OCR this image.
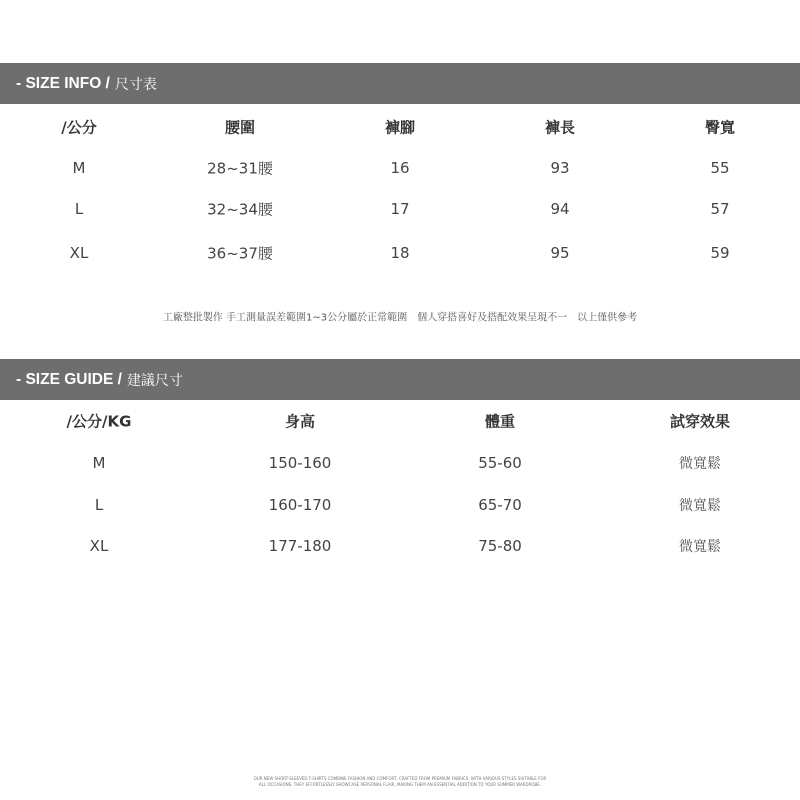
- SIZE INFO / 尺寸表
/公分	腰圍	褲腳	褲長	臀寬
M	28~31腰	16	93	55
L	32~34腰	17	94	57
XL	36~37腰	18	95	59
工廠整批製作 手工測量誤差範圍1~3公分屬於正常範圍　個人穿搭喜好及搭配效果呈現不一　以上僅供參考
- SIZE GUIDE / 建議尺寸
/公分/KG	身高	體重	試穿效果
M	150-160	55-60	微寬鬆
L	160-170	65-70	微寬鬆
XL	177-180	75-80	微寬鬆
OUR NEW SHORT-SLEEVED T-SHIRTS COMBINE FASHION AND COMFORT, CRAFTED FROM PREMIUM FABRICS. WITH VARIOUS STYLES SUITABLE FOR
ALL OCCASIONS, THEY EFFORTLESSLY SHOWCASE PERSONAL FLAIR, MAKING THEM AN ESSENTIAL ADDITION TO YOUR SUMMER WARDROBE.
